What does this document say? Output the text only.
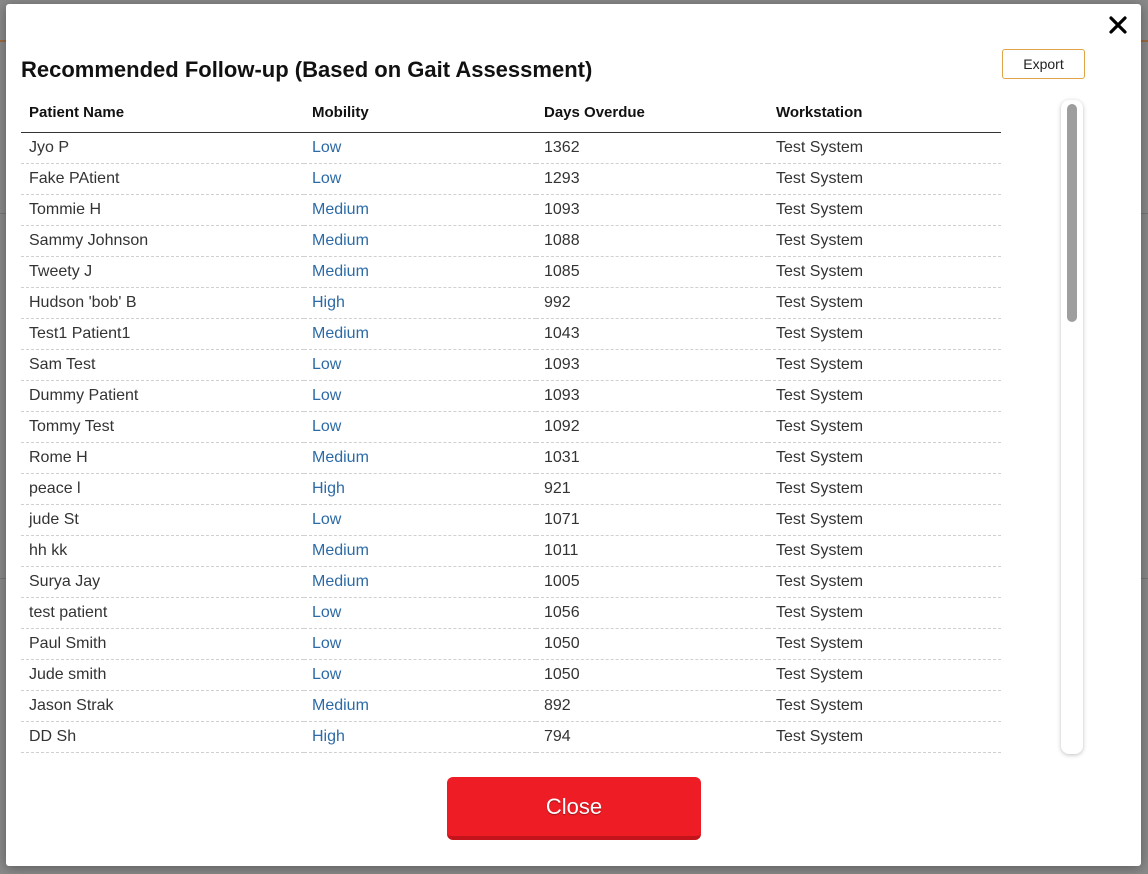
Recommended Follow-up (Based on Gait Assessment)	Export
Patient Name	Mobility	Days Overdue	Workstation
Jyo P	Low	1362	Test System
Fake PAtient	Low	1293	Test System
Tommie H	Medium	1093	Test System
Sammy Johnson	Medium	1088	Test System
Tweety J	Medium	1085	Test System
Hudson 'bob' B	High	992	Test System
Test1 Patient1	Medium	1043	Test System
Sam Test	Low	1093	Test System
Dummy Patient	Low	1093	Test System
Tommy Test	Low	1092	Test System
Rome H	Medium	1031	Test System
peace l	High	921	Test System
jude St	Low	1071	Test System
hh kk	Medium	1011	Test System
Surya Jay	Medium	1005	Test System
test patient	Low	1056	Test System
Paul Smith	Low	1050	Test System
Jude smith	Low	1050	Test System
Jason Strak	Medium	892	Test System
DD Sh	High	794	Test System
Close
